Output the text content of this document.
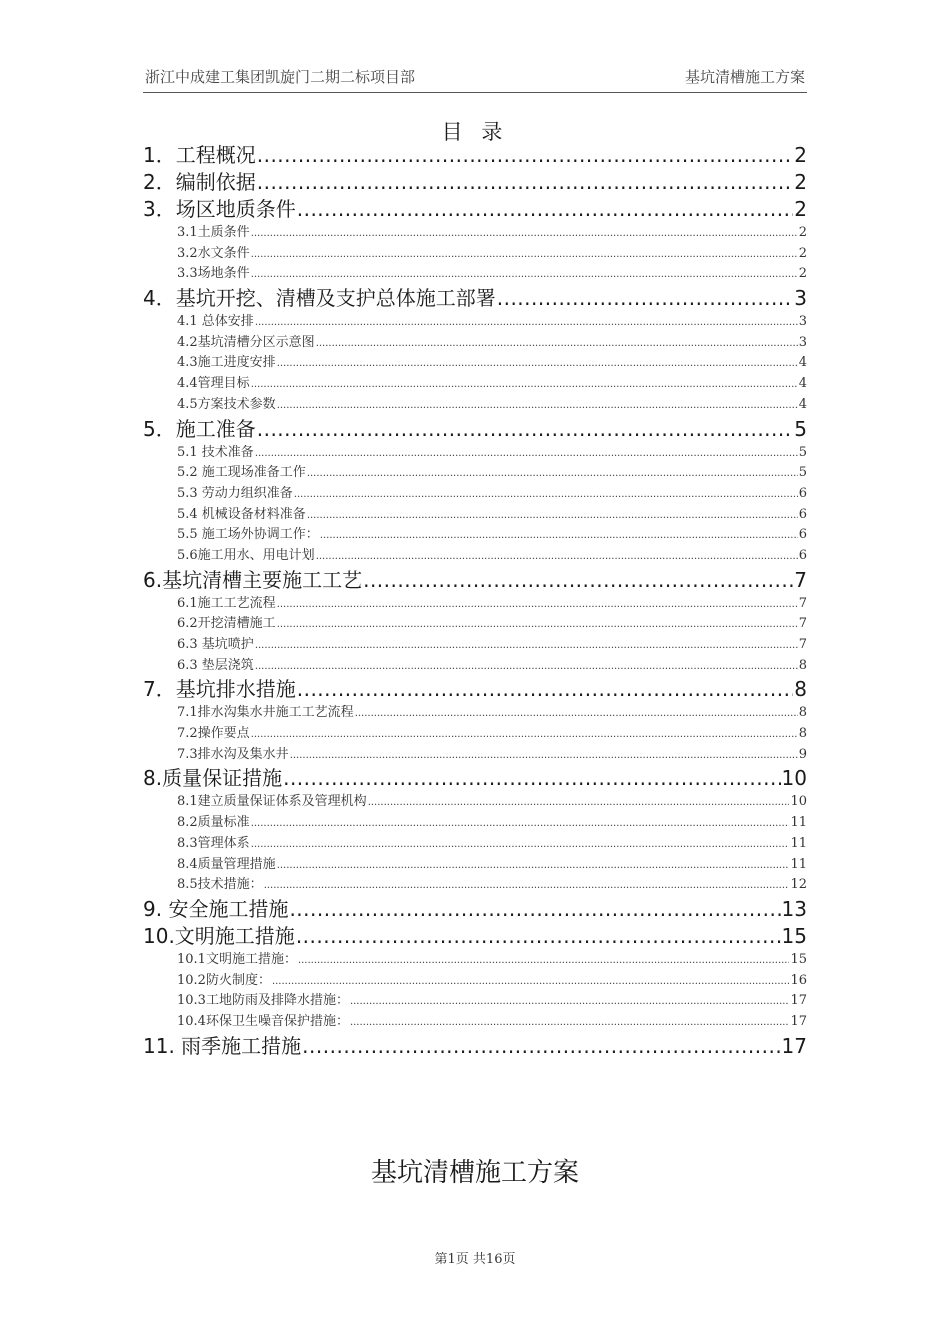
浙江中成建工集团凯旋门二期二标项目部	基坑清槽施工方案
目 录
1．工程概况 .....	2
2．编制依据 .....	2
3．场区地质条件 .....	2
3.1土质条件 .....	2
3.2水文条件 .....	2
3.3场地条件 .....	2
4．基坑开挖、清槽及支护总体施工部署 .....	3
4.1 总体安排 .....	3
4.2基坑清槽分区示意图 .....	3
4.3施工进度安排 .....	4
4.4管理目标 .....	4
4.5方案技术参数 .....	4
5．施工准备 .....	5
5.1 技术准备 .....	5
5.2 施工现场准备工作 .....	5
5.3 劳动力组织准备 .....	6
5.4 机械设备材料准备 .....	6
5.5 施工场外协调工作： .....	6
5.6施工用水、用电计划 .....	6
6.基坑清槽主要施工工艺 .....	7
6.1施工工艺流程 .....	7
6.2开挖清槽施工 .....	7
6.3 基坑喷护 .....	7
6.3 垫层浇筑 .....	8
7．基坑排水措施 .....	8
7.1排水沟集水井施工工艺流程 .....	8
7.2操作要点 .....	8
7.3排水沟及集水井 .....	9
8.质量保证措施 .....	10
8.1建立质量保证体系及管理机构 .....	10
8.2质量标准 .....	11
8.3管理体系 .....	11
8.4质量管理措施 .....	11
8.5技术措施： .....	12
9. 安全施工措施 .....	13
10.文明施工措施 .....	15
10.1文明施工措施： .....	15
10.2防火制度： .....	16
10.3工地防雨及排降水措施： .....	17
10.4环保卫生噪音保护措施： .....	17
11. 雨季施工措施 .....	17
基坑清槽施工方案
第1页 共16页
